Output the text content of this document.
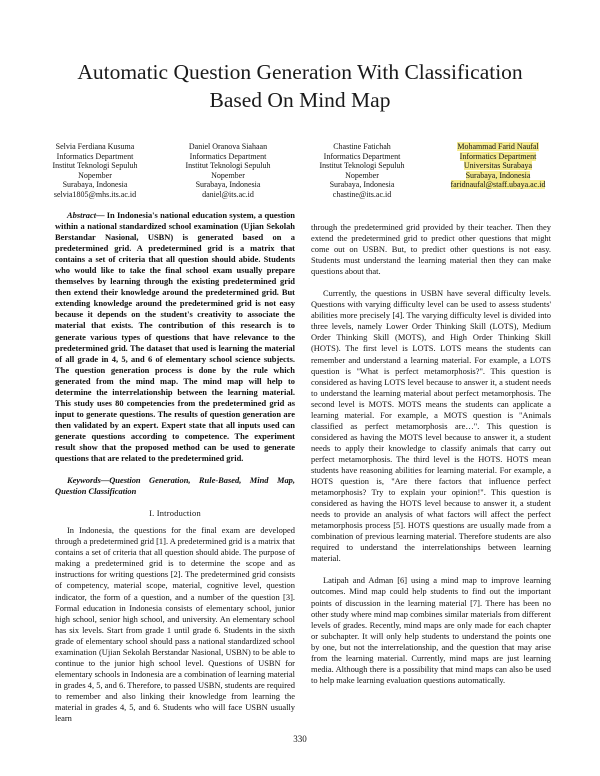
Automatic Question Generation With Classification
Based On Mind Map
Selvia Ferdiana Kusuma
Informatics Department
Institut Teknologi Sepuluh
Nopember
Surabaya, Indonesia
selvia1805@mhs.its.ac.id
Daniel Oranova Siahaan
Informatics Department
Institut Teknologi Sepuluh
Nopember
Surabaya, Indonesia
daniel@its.ac.id
Chastine Fatichah
Informatics Department
Institut Teknologi Sepuluh
Nopember
Surabaya, Indonesia
chastine@its.ac.id
Mohammad Farid Naufal
Informatics Department
Universitas Surabaya
Surabaya, Indonesia
faridnaufal@staff.ubaya.ac.id

Abstract— In Indonesia's national education system, a question within a national standardized school examination (Ujian Sekolah Berstandar Nasional, USBN) is generated based on a predetermined grid. A predetermined grid is a matrix that contains a set of criteria that all question should abide. Students who would like to take the final school exam usually prepare themselves by learning through the existing predetermined grid then extend their knowledge around the predetermined grid. But extending knowledge around the predetermined grid is not easy because it depends on the student's creativity to associate the material that exists. The contribution of this research is to generate various types of questions that have relevance to the predetermined grid. The dataset that used is learning the material of all grade in 4, 5, and 6 of elementary school science subjects. The question generation process is done by the rule which generated from the mind map. The mind map will help to determine the interrelationship between the learning material. This study uses 80 competencies from the predetermined grid as input to generate questions. The results of question generation are then validated by an expert. Expert state that all inputs used can generate questions according to competence. The experiment result show that the proposed method can be used to generate questions that are related to the predetermined grid.

Keywords—Question Generation, Rule-Based, Mind Map, Question Classification

I. Introduction

In Indonesia, the questions for the final exam are developed through a predetermined grid [1]. A predetermined grid is a matrix that contains a set of criteria that all question should abide. The purpose of making a predetermined grid is to determine the scope and as instructions for writing questions [2]. The predetermined grid consists of competency, material scope, material, cognitive level, question indicator, the form of a question, and a number of the question [3]. Formal education in Indonesia consists of elementary school, junior high school, senior high school, and university. An elementary school has six levels. Start from grade 1 until grade 6. Students in the sixth grade of elementary school should pass a national standardized school examination (Ujian Sekolah Berstandar Nasional, USBN) to be able to continue to the junior high school level. Questions of USBN for elementary schools in Indonesia are a combination of learning material in grades 4, 5, and 6. Therefore, to passed USBN, students are required to remember and also linking their knowledge from learning the material in grades 4, 5, and 6. Students who will face USBN usually learn

through the predetermined grid provided by their teacher. Then they extend the predetermined grid to predict other questions that might come out on USBN. But, to predict other questions is not easy. Students must understand the learning material then they can make questions about that.

Currently, the questions in USBN have several difficulty levels. Questions with varying difficulty level can be used to assess students' abilities more precisely [4]. The varying difficulty level is divided into three levels, namely Lower Order Thinking Skill (LOTS), Medium Order Thinking Skill (MOTS), and High Order Thinking Skill (HOTS). The first level is LOTS. LOTS means the students can remember and understand a learning material. For example, a LOTS question is "What is perfect metamorphosis?". This question is considered as having LOTS level because to answer it, a student needs to understand the learning material about perfect metamorphosis. The second level is MOTS. MOTS means the students can applicate a learning material. For example, a MOTS question is "Animals classified as perfect metamorphosis are…". This question is considered as having the MOTS level because to answer it, a student needs to apply their knowledge to classify animals that carry out perfect metamorphosis. The third level is the HOTS. HOTS mean students have reasoning abilities for learning material. For example, a HOTS question is, "Are there factors that influence perfect metamorphosis? Try to explain your opinion!". This question is considered as having the HOTS level because to answer it, a student needs to provide an analysis of what factors will affect the perfect metamorphosis process [5]. HOTS questions are usually made from a combination of previous learning material. Therefore students are also required to understand the interrelationships between learning material.

Latipah and Adman [6] using a mind map to improve learning outcomes. Mind map could help students to find out the important points of discussion in the learning material [7]. There has been no other study where mind map combines similar materials from different levels of grades. Recently, mind maps are only made for each chapter or subchapter. It will only help students to understand the points one by one, but not the interrelationship, and the question that may arise from the learning material. Currently, mind maps are just learning media. Although there is a possibility that mind maps can also be used to help make learning evaluation questions automatically.

330
